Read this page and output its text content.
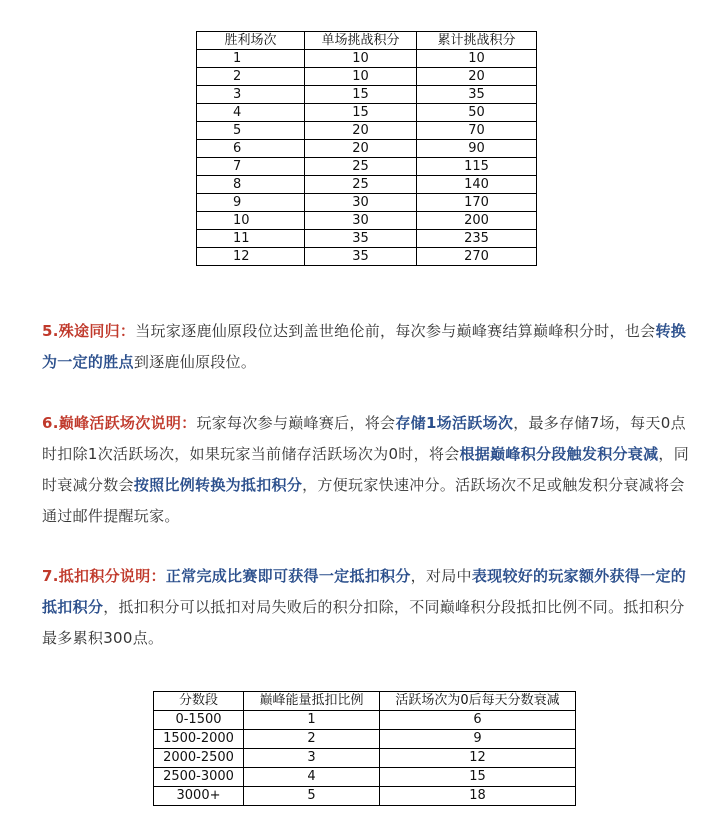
胜利场次	单场挑战积分	累计挑战积分
1	10	10
2	10	20
3	15	35
4	15	50
5	20	70
6	20	90
7	25	115
8	25	140
9	30	170
10	30	200
11	35	235
12	35	270

5.殊途同归：当玩家逐鹿仙原段位达到盖世绝伦前，每次参与巅峰赛结算巅峰积分时，也会转换为一定的胜点到逐鹿仙原段位。

6.巅峰活跃场次说明：玩家每次参与巅峰赛后，将会存储1场活跃场次，最多存储7场，每天0点时扣除1次活跃场次，如果玩家当前储存活跃场次为0时，将会根据巅峰积分段触发积分衰减，同时衰减分数会按照比例转换为抵扣积分，方便玩家快速冲分。活跃场次不足或触发积分衰减将会通过邮件提醒玩家。

7.抵扣积分说明：正常完成比赛即可获得一定抵扣积分，对局中表现较好的玩家额外获得一定的抵扣积分，抵扣积分可以抵扣对局失败后的积分扣除，不同巅峰积分段抵扣比例不同。抵扣积分最多累积300点。

分数段	巅峰能量抵扣比例	活跃场次为0后每天分数衰减
0-1500	1	6
1500-2000	2	9
2000-2500	3	12
2500-3000	4	15
3000+	5	18
